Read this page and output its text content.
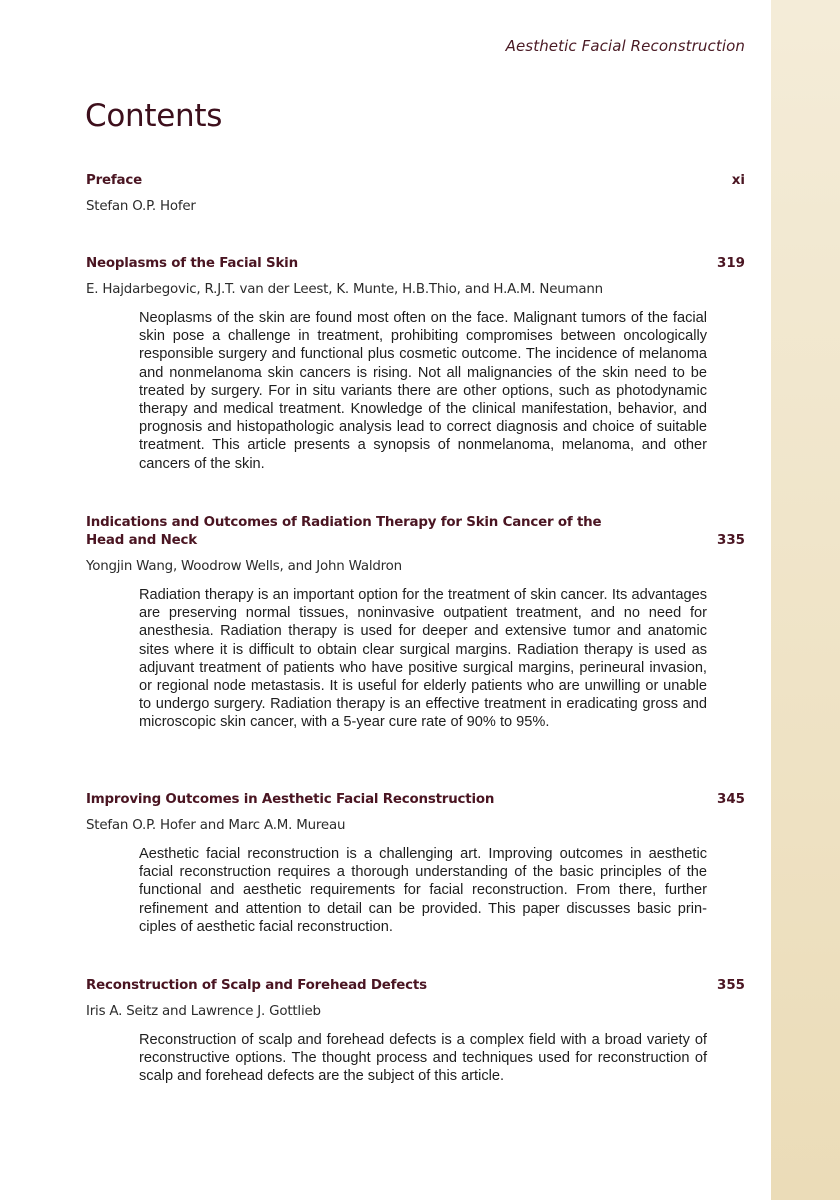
Aesthetic Facial Reconstruction
Contents
Preface	xi
Stefan O.P. Hofer
Neoplasms of the Facial Skin	319
E. Hajdarbegovic, R.J.T. van der Leest, K. Munte, H.B.Thio, and H.A.M. Neumann
Neoplasms of the skin are found most often on the face. Malignant tumors of the facial skin pose a challenge in treatment, prohibiting compromises between oncologically responsible surgery and functional plus cosmetic outcome. The incidence of melanoma and nonmelanoma skin cancers is rising. Not all malignancies of the skin need to be treated by surgery. For in situ variants there are other options, such as photodynamic therapy and medical treatment. Knowledge of the clinical manifestation, behavior, and prognosis and histopathologic analysis lead to correct diagnosis and choice of suitable treatment. This article presents a synopsis of nonmelanoma, melanoma, and other cancers of the skin.
Indications and Outcomes of Radiation Therapy for Skin Cancer of the Head and Neck	335
Yongjin Wang, Woodrow Wells, and John Waldron
Radiation therapy is an important option for the treatment of skin cancer. Its advantages are preserving normal tissues, noninvasive outpatient treatment, and no need for anesthesia. Radiation therapy is used for deeper and extensive tumor and anatomic sites where it is difficult to obtain clear surgical margins. Radiation therapy is used as adjuvant treatment of patients who have positive surgical margins, perineural invasion, or regional node metastasis. It is useful for elderly patients who are unwilling or unable to undergo surgery. Radiation therapy is an effective treatment in eradicating gross and microscopic skin cancer, with a 5-year cure rate of 90% to 95%.
Improving Outcomes in Aesthetic Facial Reconstruction	345
Stefan O.P. Hofer and Marc A.M. Mureau
Aesthetic facial reconstruction is a challenging art. Improving outcomes in aesthetic facial reconstruction requires a thorough understanding of the basic principles of the functional and aesthetic requirements for facial reconstruction. From there, further refinement and attention to detail can be provided. This paper discusses basic principles of aesthetic facial reconstruction.
Reconstruction of Scalp and Forehead Defects	355
Iris A. Seitz and Lawrence J. Gottlieb
Reconstruction of scalp and forehead defects is a complex field with a broad variety of reconstructive options. The thought process and techniques used for reconstruction of scalp and forehead defects are the subject of this article.
